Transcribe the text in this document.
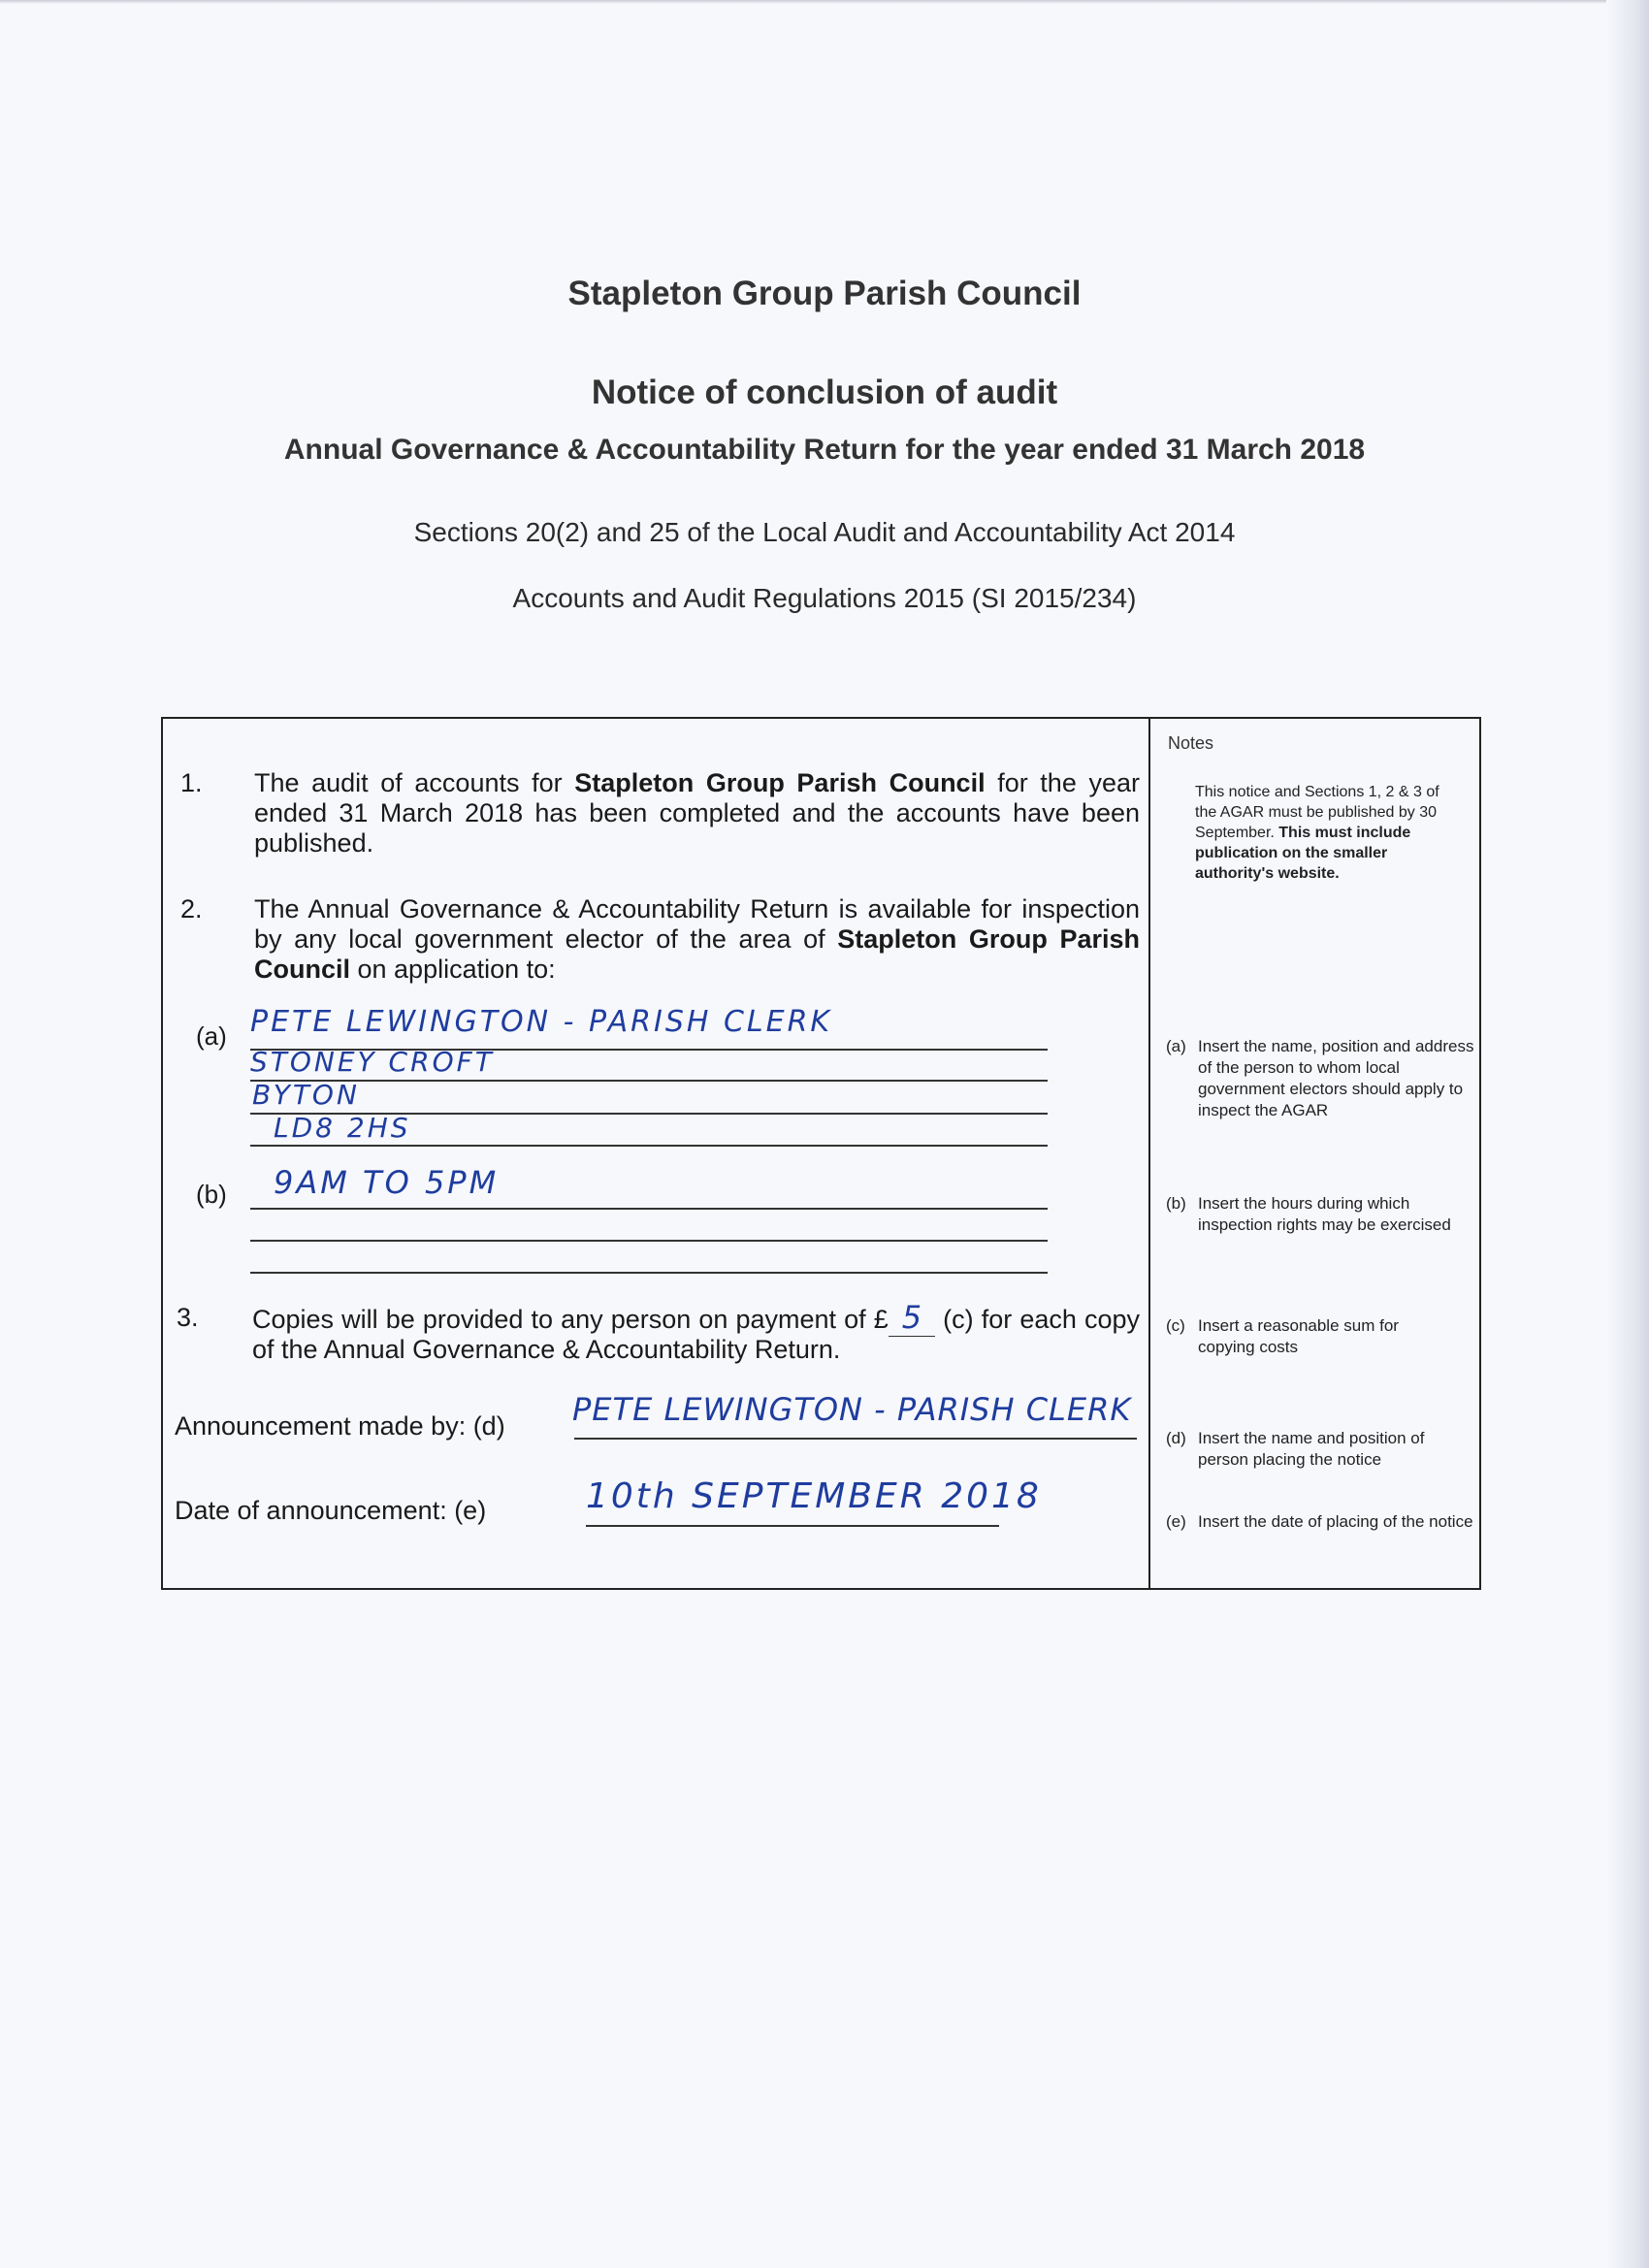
Stapleton Group Parish Council
Notice of conclusion of audit
Annual Governance & Accountability Return for the year ended 31 March 2018
Sections 20(2) and 25 of the Local Audit and Accountability Act 2014
Accounts and Audit Regulations 2015 (SI 2015/234)
1. The audit of accounts for Stapleton Group Parish Council for the year ended 31 March 2018 has been completed and the accounts have been published.
2. The Annual Governance & Accountability Return is available for inspection by any local government elector of the area of Stapleton Group Parish Council on application to:
(a) PETE LEWINGTON - PARISH CLERK
STONEY CROFT
BYTON
LD8 2HS
(b) 9AM TO 5PM
3. Copies will be provided to any person on payment of £ 5 (c) for each copy of the Annual Governance & Accountability Return.
Announcement made by: (d) PETE LEWINGTON - PARISH CLERK
Date of announcement: (e)	10th SEPTEMBER 2018
Notes
This notice and Sections 1, 2 & 3 of the AGAR must be published by 30 September. This must include publication on the smaller authority's website.
(a) Insert the name, position and address of the person to whom local government electors should apply to inspect the AGAR
(b) Insert the hours during which inspection rights may be exercised
(c) Insert a reasonable sum for copying costs
(d) Insert the name and position of person placing the notice
(e) Insert the date of placing of the notice
